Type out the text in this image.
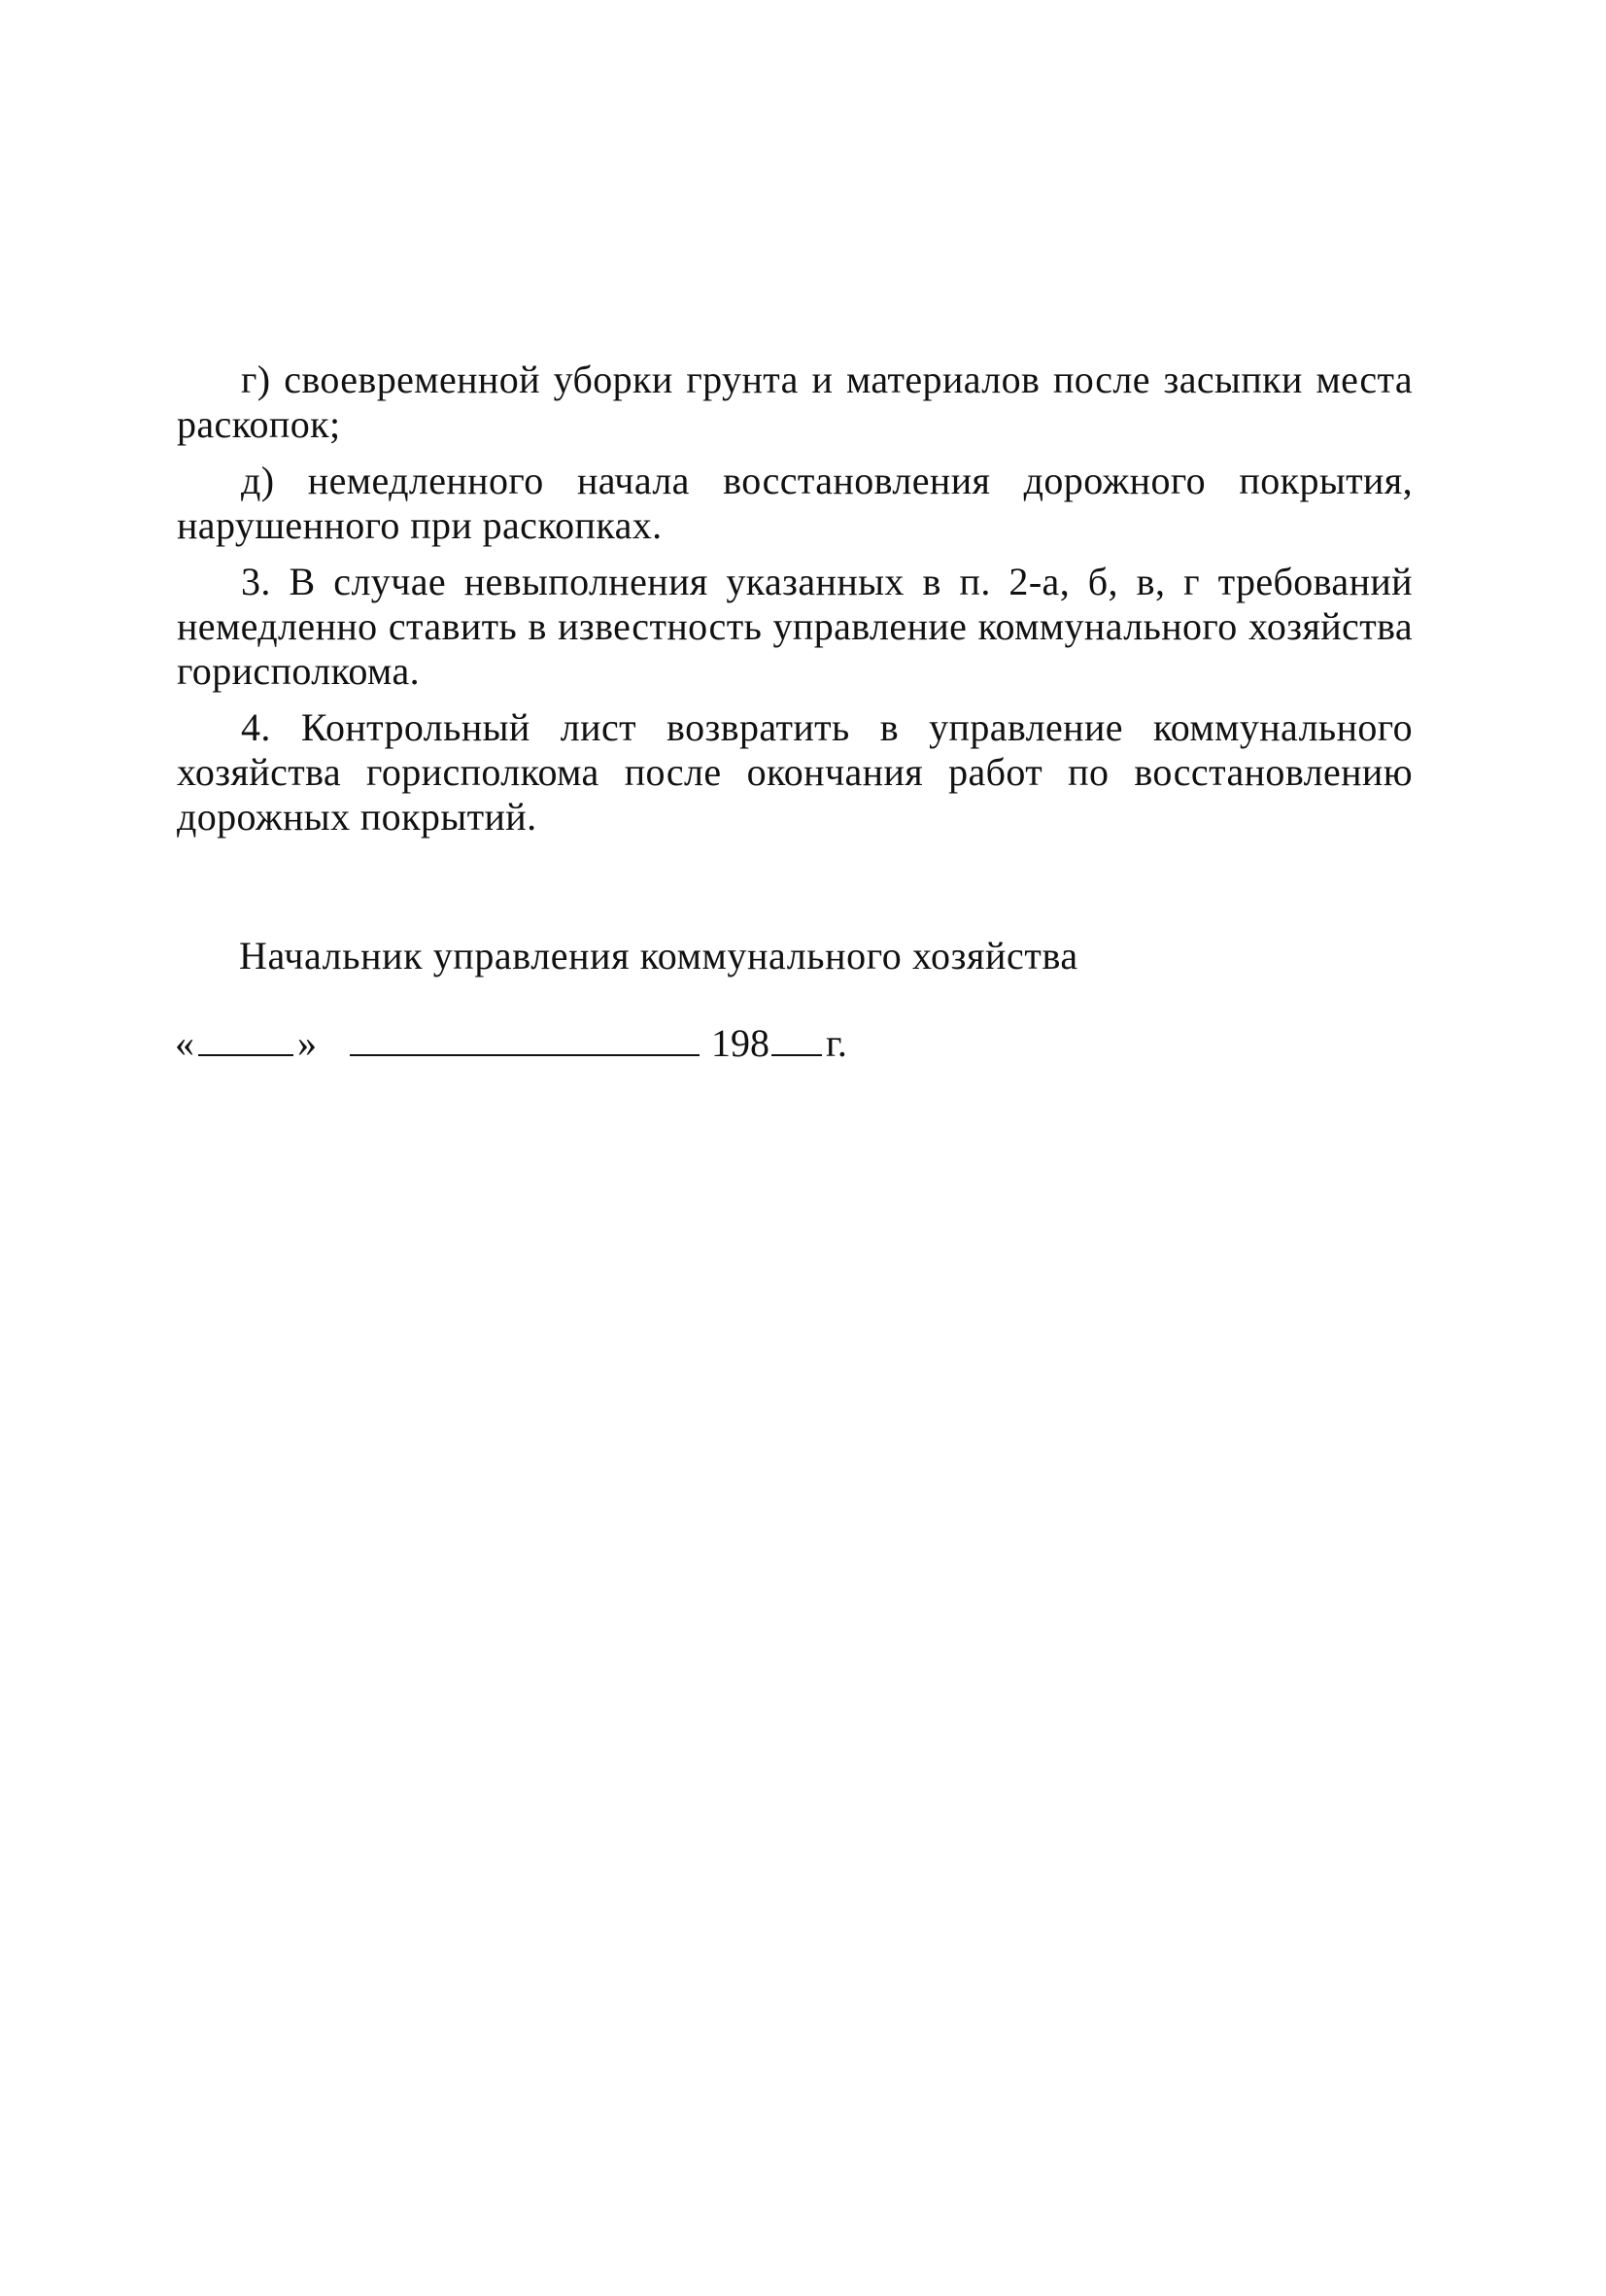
г) своевременной уборки грунта и материалов после засыпки места раскопок;

д) немедленного начала восстановления дорожного покрытия, нарушенного при раскопках.

3. В случае невыполнения указанных в п. 2-а, б, в, г требований немедленно ставить в известность управление коммунального хозяйства горисполкома.

4. Контрольный лист возвратить в управление коммунального хозяйства горисполкома после окончания работ по восстановлению дорожных покрытий.

Начальник управления коммунального хозяйства
«	»	198 г.
